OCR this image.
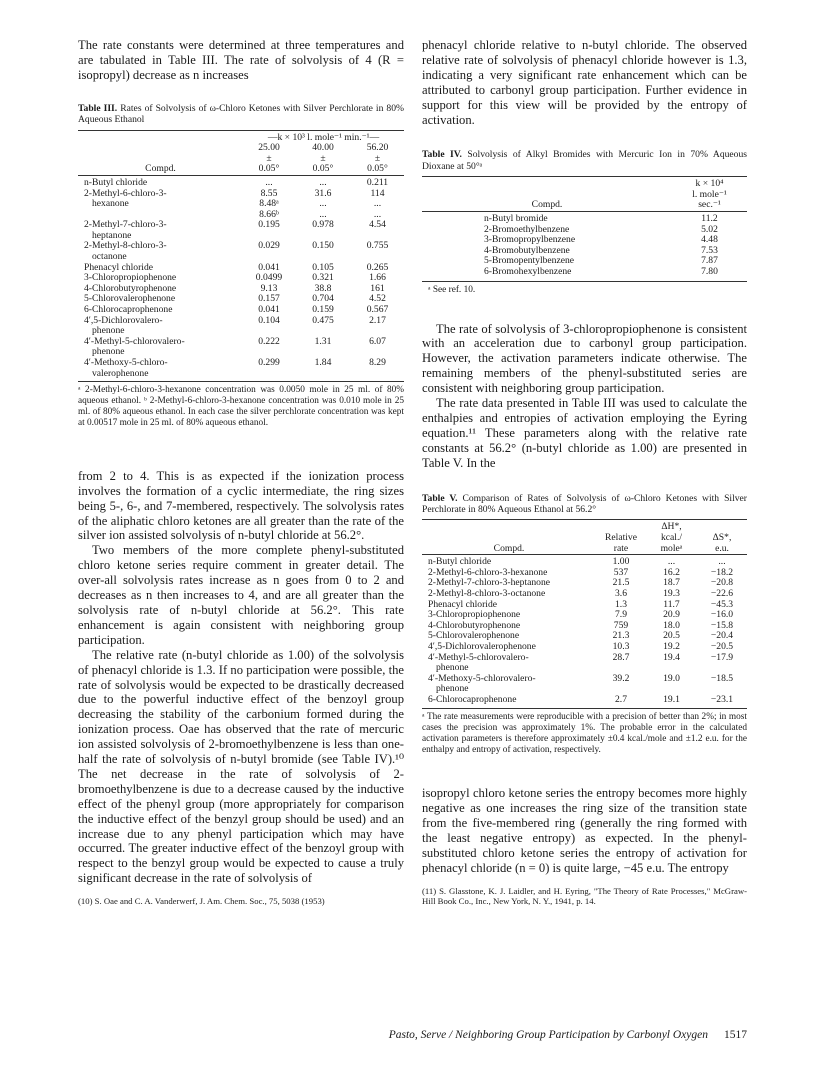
The rate constants were determined at three temperatures and are tabulated in Table III. The rate of solvolysis of 4 (R = isopropyl) decrease as n increases

Table III. Rates of Solvolysis of ω-Chloro Ketones with Silver Perchlorate in 80% Aqueous Ethanol

	—k × 10³ l. mole⁻¹ min.⁻¹—		
	25.00	40.00	56.20
	±	±	±
Compd.	0.05°	0.05°	0.05°
n-Butyl chloride	...	...	0.211
2-Methyl-6-chloro-3-	8.55	31.6	114
hexanone	8.48ᵃ	...	...
	8.66ᵇ	...	...
2-Methyl-7-chloro-3-	0.195	0.978	4.54
heptanone			
2-Methyl-8-chloro-3-	0.029	0.150	0.755
octanone			
Phenacyl chloride	0.041	0.105	0.265
3-Chloropropiophenone	0.0499	0.321	1.66
4-Chlorobutyrophenone	9.13	38.8	161
5-Chlorovalerophenone	0.157	0.704	4.52
6-Chlorocaprophenone	0.041	0.159	0.567
4′,5-Dichlorovalero-	0.104	0.475	2.17
phenone			
4′-Methyl-5-chlorovalero-	0.222	1.31	6.07
phenone			
4′-Methoxy-5-chloro-	0.299	1.84	8.29
valerophenone			

ᵃ 2-Methyl-6-chloro-3-hexanone concentration was 0.0050 mole in 25 ml. of 80% aqueous ethanol. ᵇ 2-Methyl-6-chloro-3-hexanone concentration was 0.010 mole in 25 ml. of 80% aqueous ethanol. In each case the silver perchlorate concentration was kept at 0.00517 mole in 25 ml. of 80% aqueous ethanol.

from 2 to 4. This is as expected if the ionization process involves the formation of a cyclic intermediate, the ring sizes being 5-, 6-, and 7-membered, respectively. The solvolysis rates of the aliphatic chloro ketones are all greater than the rate of the silver ion assisted solvolysis of n-butyl chloride at 56.2°.

Two members of the more complete phenyl-substituted chloro ketone series require comment in greater detail. The over-all solvolysis rates increase as n goes from 0 to 2 and decreases as n then increases to 4, and are all greater than the solvolysis rate of n-butyl chloride at 56.2°. This rate enhancement is again consistent with neighboring group participation.

The relative rate (n-butyl chloride as 1.00) of the solvolysis of phenacyl chloride is 1.3. If no participation were possible, the rate of solvolysis would be expected to be drastically decreased due to the powerful inductive effect of the benzoyl group decreasing the stability of the carbonium formed during the ionization process. Oae has observed that the rate of mercuric ion assisted solvolysis of 2-bromoethylbenzene is less than one-half the rate of solvolysis of n-butyl bromide (see Table IV).¹⁰ The net decrease in the rate of solvolysis of 2-bromoethylbenzene is due to a decrease caused by the inductive effect of the phenyl group (more appropriately for comparison the inductive effect of the benzyl group should be used) and an increase due to any phenyl participation which may have occurred. The greater inductive effect of the benzoyl group with respect to the benzyl group would be expected to cause a truly significant decrease in the rate of solvolysis of

(10) S. Oae and C. A. Vanderwerf, J. Am. Chem. Soc., 75, 5038 (1953)

phenacyl chloride relative to n-butyl chloride. The observed relative rate of solvolysis of phenacyl chloride however is 1.3, indicating a very significant rate enhancement which can be attributed to carbonyl group participation. Further evidence in support for this view will be provided by the entropy of activation.

Table IV. Solvolysis of Alkyl Bromides with Mercuric Ion in 70% Aqueous Dioxane at 50°ᵃ

	k × 10⁴
	l. mole⁻¹
Compd.	sec.⁻¹
n-Butyl bromide	11.2
2-Bromoethylbenzene	5.02
3-Bromopropylbenzene	4.48
4-Bromobutylbenzene	7.53
5-Bromopentylbenzene	7.87
6-Bromohexylbenzene	7.80

ᵃ See ref. 10.

The rate of solvolysis of 3-chloropropiophenone is consistent with an acceleration due to carbonyl group participation. However, the activation parameters indicate otherwise. The remaining members of the phenyl-substituted series are consistent with neighboring group participation.

The rate data presented in Table III was used to calculate the enthalpies and entropies of activation employing the Eyring equation.¹¹ These parameters along with the relative rate constants at 56.2° (n-butyl chloride as 1.00) are presented in Table V. In the

Table V. Comparison of Rates of Solvolysis of ω-Chloro Ketones with Silver Perchlorate in 80% Aqueous Ethanol at 56.2°

		ΔH*,	
	Relative	kcal./	ΔS*,
Compd.	rate	moleᵃ	e.u.
n-Butyl chloride	1.00	...	...
2-Methyl-6-chloro-3-hexanone	537	16.2	−18.2
2-Methyl-7-chloro-3-heptanone	21.5	18.7	−20.8
2-Methyl-8-chloro-3-octanone	3.6	19.3	−22.6
Phenacyl chloride	1.3	11.7	−45.3
3-Chloropropiophenone	7.9	20.9	−16.0
4-Chlorobutyrophenone	759	18.0	−15.8
5-Chlorovalerophenone	21.3	20.5	−20.4
4′,5-Dichlorovalerophenone	10.3	19.2	−20.5
4′-Methyl-5-chlorovalero-	28.7	19.4	−17.9
phenone			
4′-Methoxy-5-chlorovalero-	39.2	19.0	−18.5
phenone			
6-Chlorocaprophenone	2.7	19.1	−23.1

ᵃ The rate measurements were reproducible with a precision of better than 2%; in most cases the precision was approximately 1%. The probable error in the calculated activation parameters is therefore approximately ±0.4 kcal./mole and ±1.2 e.u. for the enthalpy and entropy of activation, respectively.

isopropyl chloro ketone series the entropy becomes more highly negative as one increases the ring size of the transition state from the five-membered ring (generally the ring formed with the least negative entropy) as expected. In the phenyl-substituted chloro ketone series the entropy of activation for phenacyl chloride (n = 0) is quite large, −45 e.u. The entropy

(11) S. Glasstone, K. J. Laidler, and H. Eyring, "The Theory of Rate Processes," McGraw-Hill Book Co., Inc., New York, N. Y., 1941, p. 14.

Pasto, Serve / Neighboring Group Participation by Carbonyl Oxygen 1517
